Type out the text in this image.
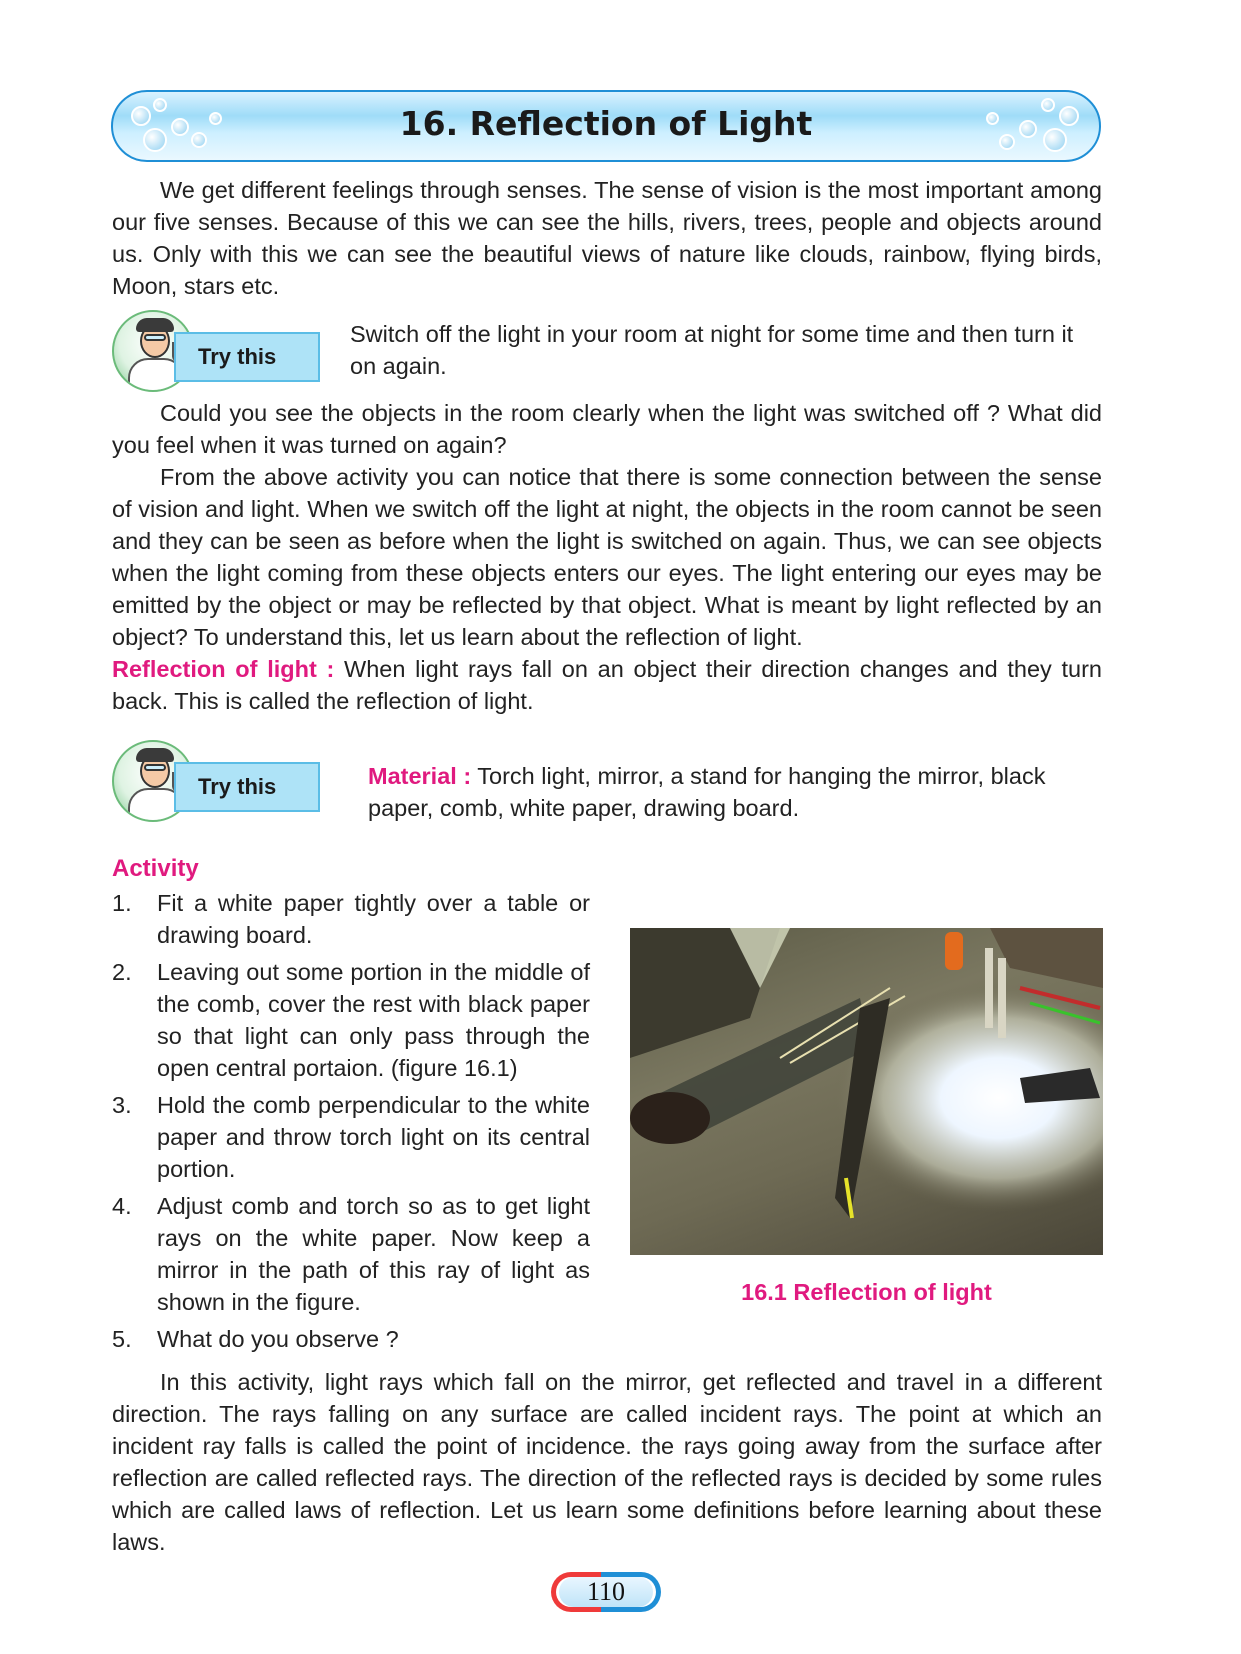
16. Reflection of Light

We get different feelings through senses. The sense of vision is the most important among our five senses. Because of this we can see the hills, rivers, trees, people and objects around us. Only with this we can see the beautiful views of nature like clouds, rainbow, flying birds, Moon, stars etc.

Try this

Switch off the light in your room at night for some time and then turn it on again.

Could you see the objects in the room clearly when the light was switched off ? What did you feel when it was turned on again?

From the above activity you can notice that there is some connection between the sense of vision and light. When we switch off the light at night, the objects in the room cannot be seen and they can be seen as before when the light is switched on again. Thus, we can see objects when the light coming from these objects enters our eyes. The light entering our eyes may be emitted by the object or may be reflected by that object. What is meant by light reflected by an object? To understand this, let us learn about the reflection of light.

Reflection of light : When light rays fall on an object their direction changes and they turn back. This is called the reflection of light.

Try this	Material : Torch light, mirror, a stand for hanging the mirror, black paper, comb, white paper, drawing board.

Activity
1. Fit a white paper tightly over a table or drawing board.
2. Leaving out some portion in the middle of the comb, cover the rest with black paper so that light can only pass through the open central portaion. (figure 16.1)
3. Hold the comb perpendicular to the white paper and throw torch light on its central portion.
4. Adjust comb and torch so as to get light rays on the white paper. Now keep a mirror in the path of this ray of light as shown in the figure.
5. What do you observe ?
16.1 Reflection of light

In this activity, light rays which fall on the mirror, get reflected and travel in a different direction. The rays falling on any surface are called incident rays. The point at which an incident ray falls is called the point of incidence. the rays going away from the surface after reflection are called reflected rays. The direction of the reflected rays is decided by some rules which are called laws of reflection. Let us learn some definitions before learning about these laws.

110
